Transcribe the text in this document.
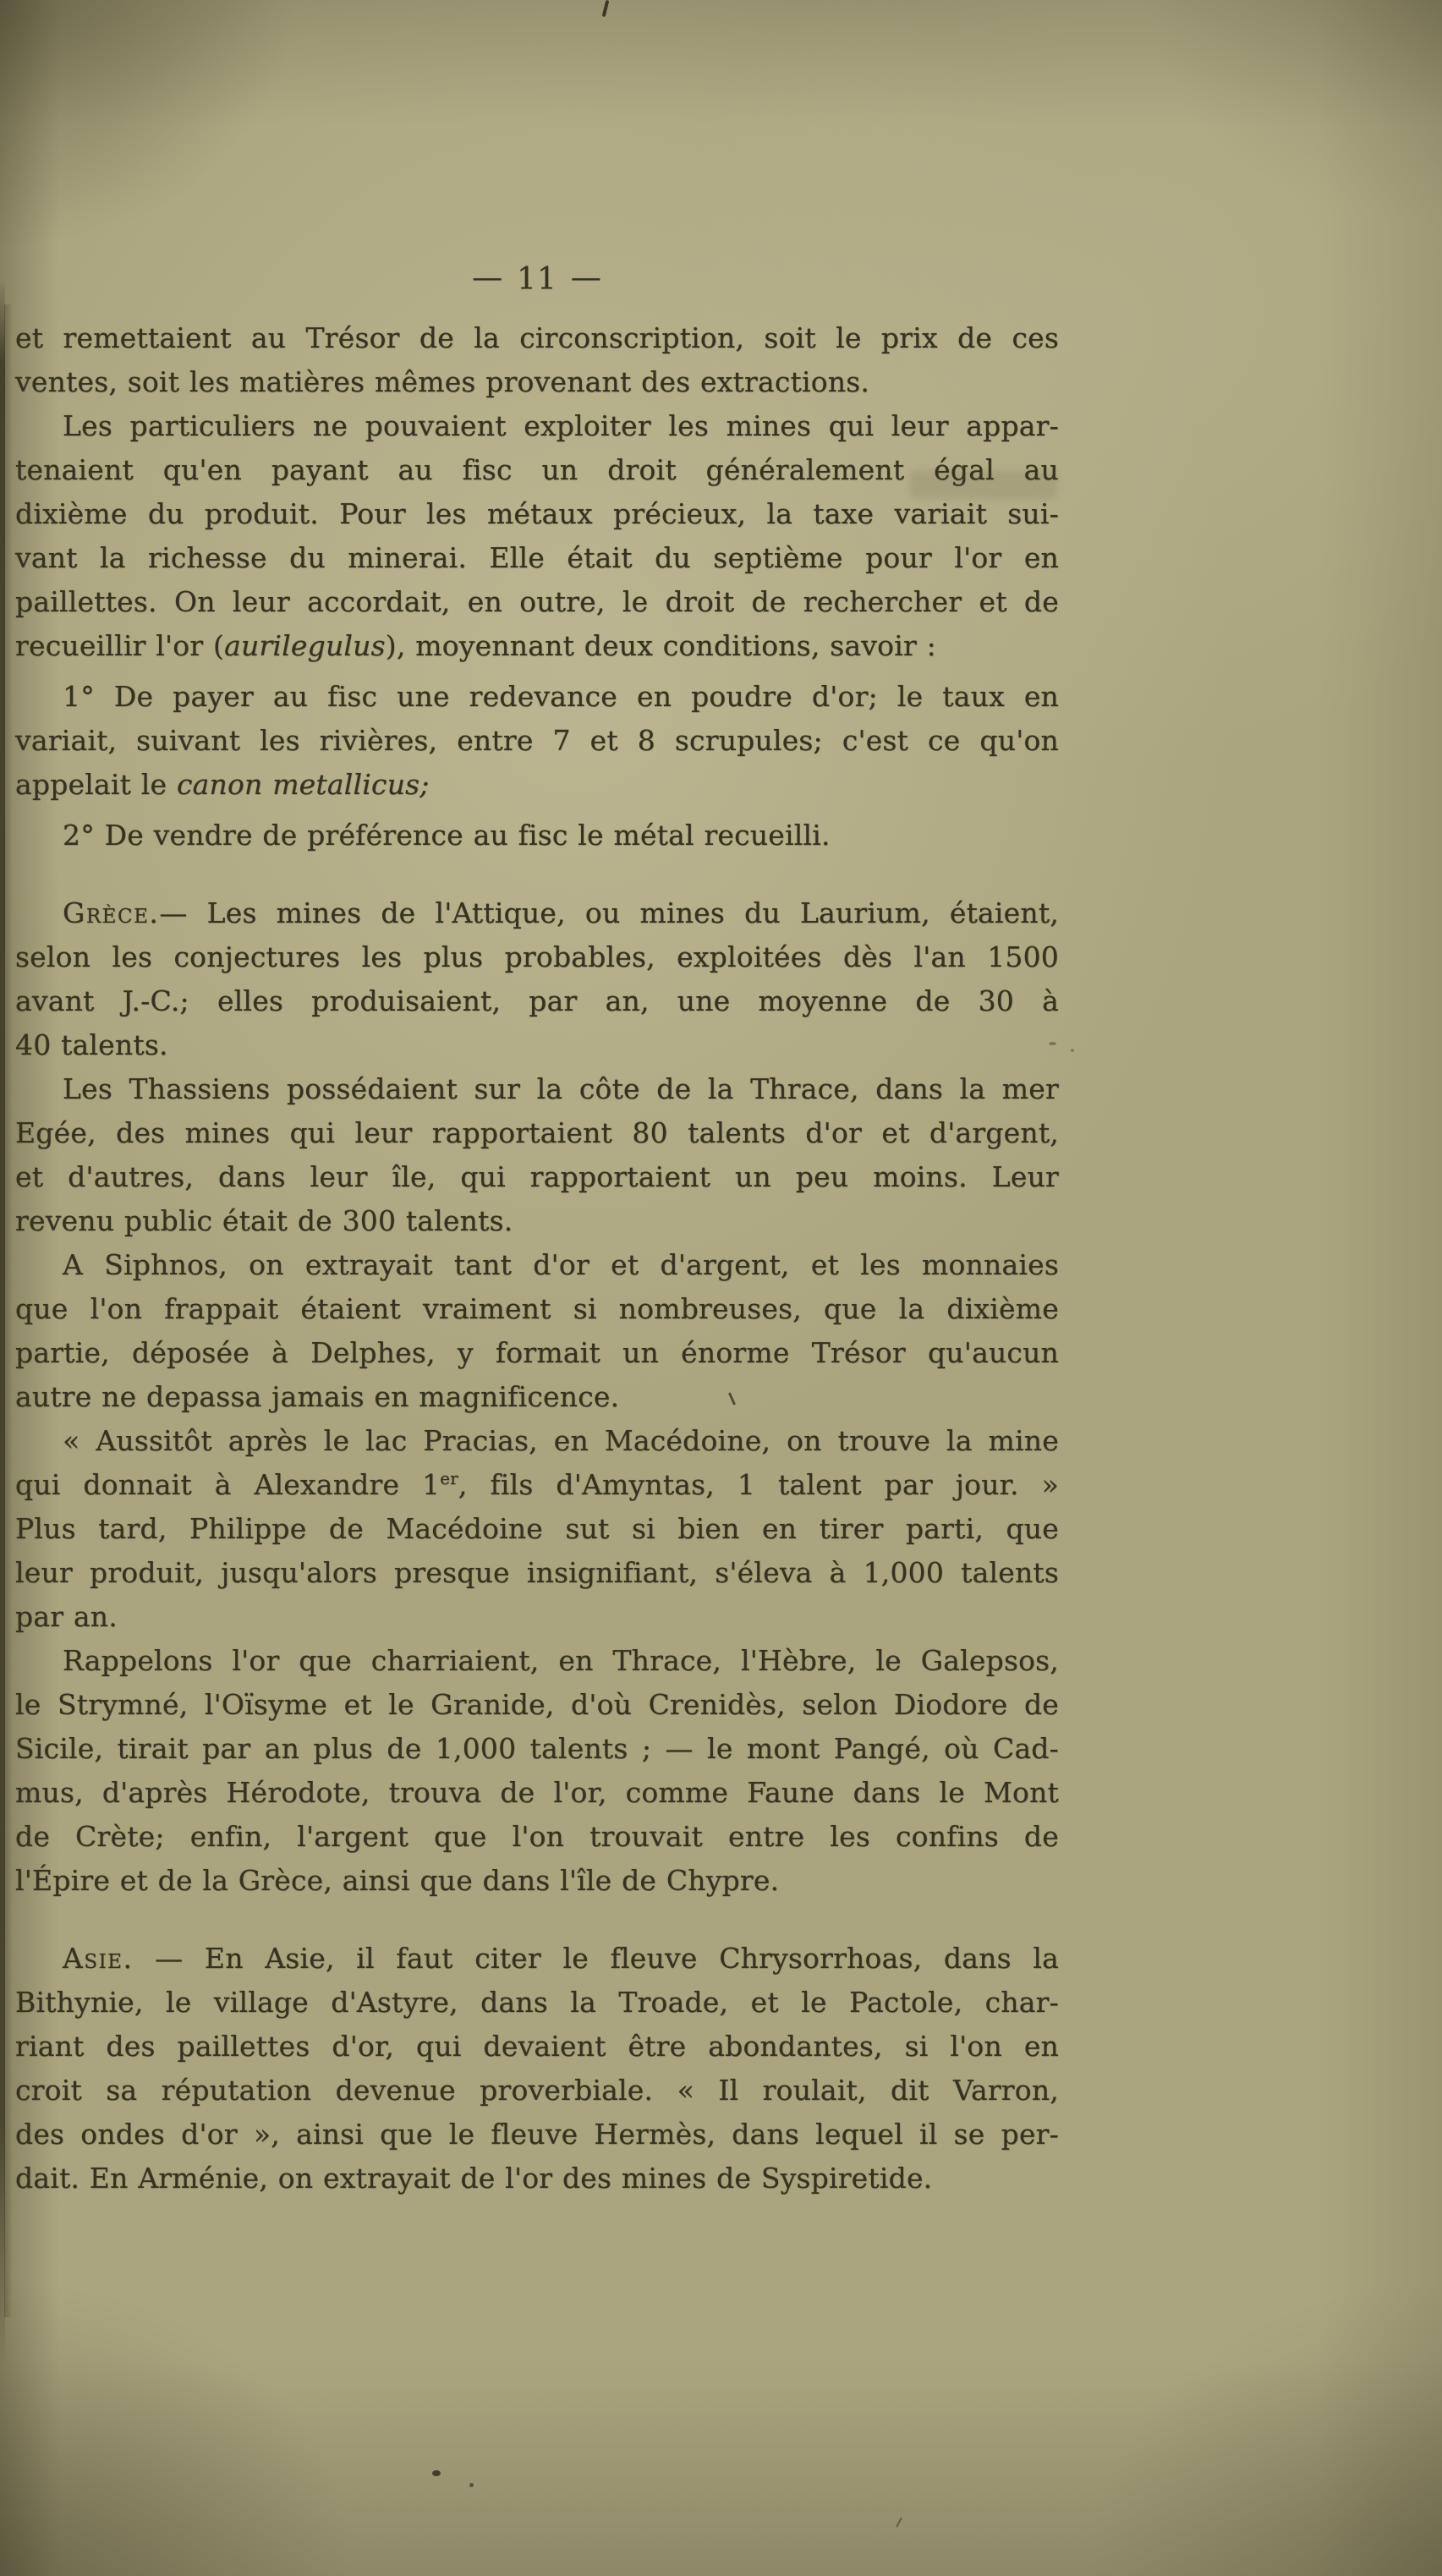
— 11 —
et remettaient au Trésor de la circonscription, soit le prix de ces
ventes, soit les matières mêmes provenant des extractions.
Les particuliers ne pouvaient exploiter les mines qui leur appar-
tenaient qu'en payant au fisc un droit généralement égal au
dixième du produit. Pour les métaux précieux, la taxe variait sui-
vant la richesse du minerai. Elle était du septième pour l'or en
paillettes. On leur accordait, en outre, le droit de rechercher et de
recueillir l'or (aurilegulus), moyennant deux conditions, savoir :
1° De payer au fisc une redevance en poudre d'or; le taux en
variait, suivant les rivières, entre 7 et 8 scrupules; c'est ce qu'on
appelait le canon metallicus;
2° De vendre de préférence au fisc le métal recueilli.
Grèce.— Les mines de l'Attique, ou mines du Laurium, étaient,
selon les conjectures les plus probables, exploitées dès l'an 1500
avant J.-C.; elles produisaient, par an, une moyenne de 30 à
40 talents.
Les Thassiens possédaient sur la côte de la Thrace, dans la mer
Egée, des mines qui leur rapportaient 80 talents d'or et d'argent,
et d'autres, dans leur île, qui rapportaient un peu moins. Leur
revenu public était de 300 talents.
A Siphnos, on extrayait tant d'or et d'argent, et les monnaies
que l'on frappait étaient vraiment si nombreuses, que la dixième
partie, déposée à Delphes, y formait un énorme Trésor qu'aucun
autre ne depassa jamais en magnificence.
« Aussitôt après le lac Pracias, en Macédoine, on trouve la mine
qui donnait à Alexandre 1er, fils d'Amyntas, 1 talent par jour. »
Plus tard, Philippe de Macédoine sut si bien en tirer parti, que
leur produit, jusqu'alors presque insignifiant, s'éleva à 1,000 talents
par an.
Rappelons l'or que charriaient, en Thrace, l'Hèbre, le Galepsos,
le Strymné, l'Oïsyme et le Granide, d'où Crenidès, selon Diodore de
Sicile, tirait par an plus de 1,000 talents ; — le mont Pangé, où Cad-
mus, d'après Hérodote, trouva de l'or, comme Faune dans le Mont
de Crète; enfin, l'argent que l'on trouvait entre les confins de
l'Épire et de la Grèce, ainsi que dans l'île de Chypre.
Asie. — En Asie, il faut citer le fleuve Chrysorrhoas, dans la
Bithynie, le village d'Astyre, dans la Troade, et le Pactole, char-
riant des paillettes d'or, qui devaient être abondantes, si l'on en
croit sa réputation devenue proverbiale. « Il roulait, dit Varron,
des ondes d'or », ainsi que le fleuve Hermès, dans lequel il se per-
dait. En Arménie, on extrayait de l'or des mines de Syspiretide.
